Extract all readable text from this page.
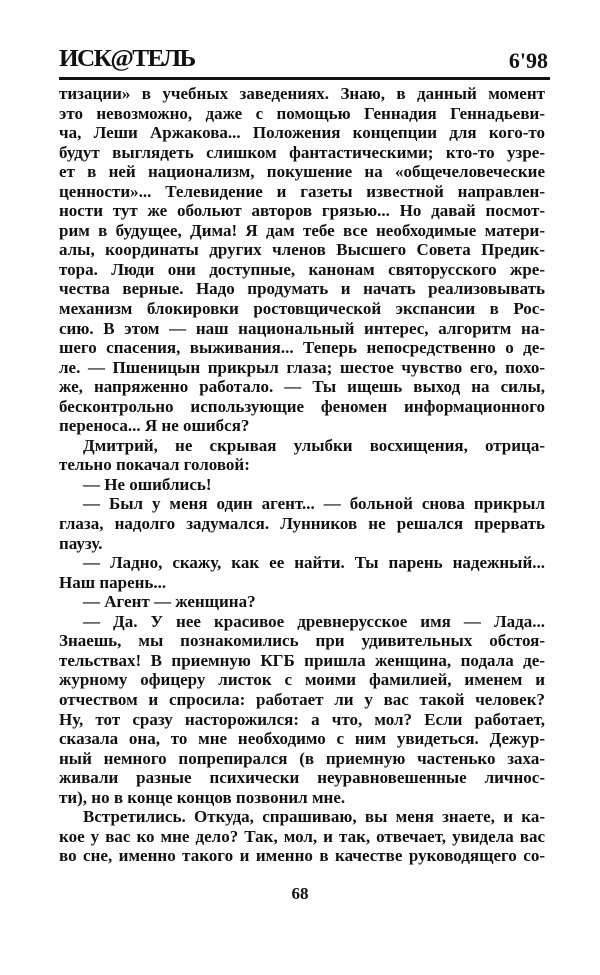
ИСК@ТЕЛЬ	6'98
тизации» в учебных заведениях. Знаю, в данный момент
это невозможно, даже с помощью Геннадия Геннадьеви-
ча, Леши Аржакова... Положения концепции для кого-то
будут выглядеть слишком фантастическими; кто-то узре-
ет в ней национализм, покушение на «общечеловеческие
ценности»... Телевидение и газеты известной направлен-
ности тут же обольют авторов грязью... Но давай посмот-
рим в будущее, Дима! Я дам тебе все необходимые матери-
алы, координаты других членов Высшего Совета Предик-
тора. Люди они доступные, канонам святорусского жре-
чества верные. Надо продумать и начать реализовывать
механизм блокировки ростовщической экспансии в Рос-
сию. В этом — наш национальный интерес, алгоритм на-
шего спасения, выживания... Теперь непосредственно о де-
ле. — Пшеницын прикрыл глаза; шестое чувство его, похо-
же, напряженно работало. — Ты ищешь выход на силы,
бесконтрольно использующие феномен информационного
переноса... Я не ошибся?
Дмитрий, не скрывая улыбки восхищения, отрица-
тельно покачал головой:
— Не ошиблись!
— Был у меня один агент... — больной снова прикрыл
глаза, надолго задумался. Лунников не решался прервать
паузу.
— Ладно, скажу, как ее найти. Ты парень надежный...
Наш парень...
— Агент — женщина?
— Да. У нее красивое древнерусское имя — Лада...
Знаешь, мы познакомились при удивительных обстоя-
тельствах! В приемную КГБ пришла женщина, подала де-
журному офицеру листок с моими фамилией, именем и
отчеством и спросила: работает ли у вас такой человек?
Ну, тот сразу насторожился: а что, мол? Если работает,
сказала она, то мне необходимо с ним увидеться. Дежур-
ный немного попрепирался (в приемную частенько заха-
живали разные психически неуравновешенные личнос-
ти), но в конце концов позвонил мне.
Встретились. Откуда, спрашиваю, вы меня знаете, и ка-
кое у вас ко мне дело? Так, мол, и так, отвечает, увидела вас
во сне, именно такого и именно в качестве руководящего со-
68
